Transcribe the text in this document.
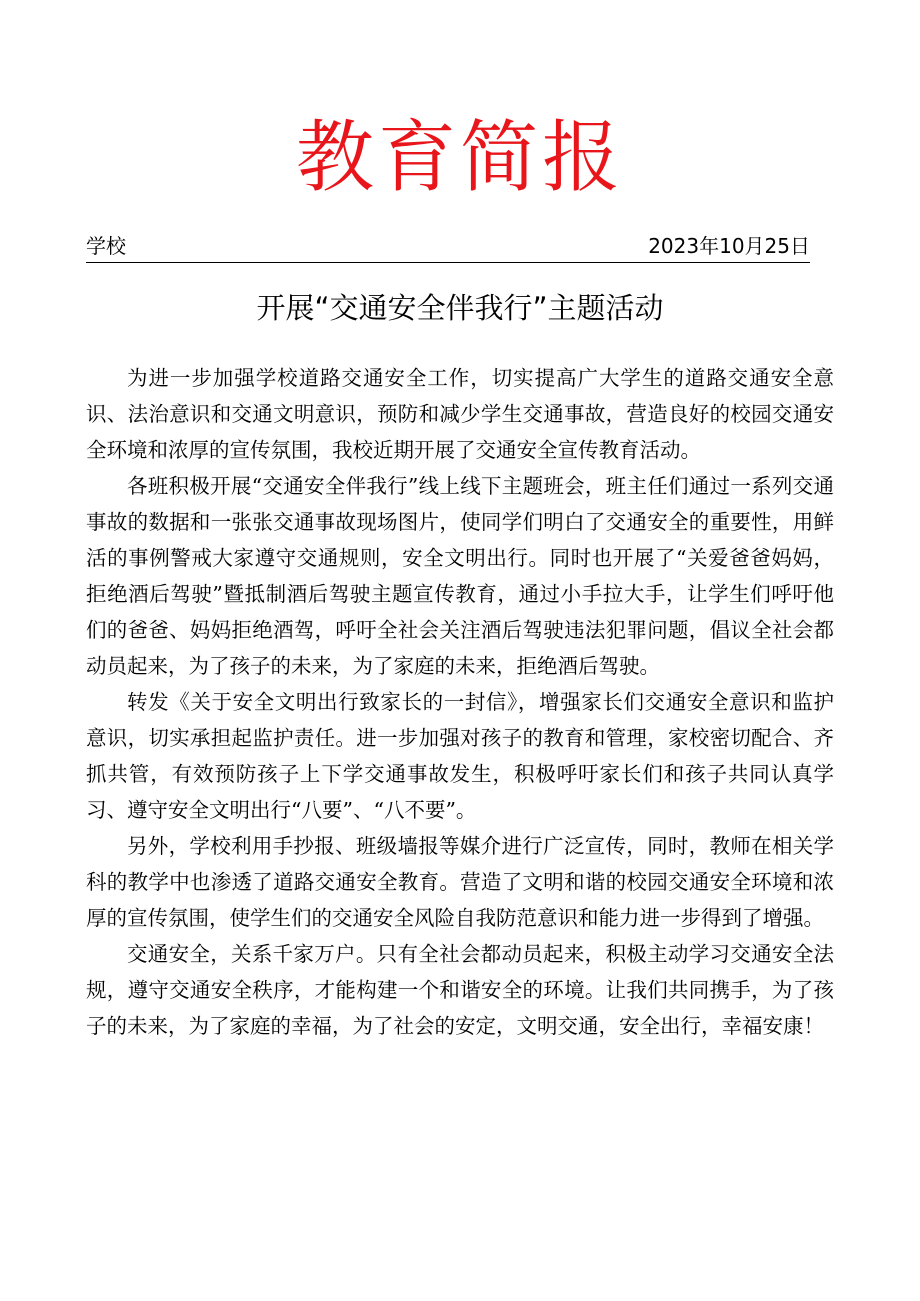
教育简报
学校	2023年10月25日
开展“交通安全伴我行”主题活动

为进一步加强学校道路交通安全工作，切实提高广大学生的道路交通安全意识、法治意识和交通文明意识，预防和减少学生交通事故，营造良好的校园交通安全环境和浓厚的宣传氛围，我校近期开展了交通安全宣传教育活动。

各班积极开展“交通安全伴我行”线上线下主题班会，班主任们通过一系列交通事故的数据和一张张交通事故现场图片，使同学们明白了交通安全的重要性，用鲜活的事例警戒大家遵守交通规则，安全文明出行。同时也开展了“关爱爸爸妈妈，拒绝酒后驾驶”暨抵制酒后驾驶主题宣传教育，通过小手拉大手，让学生们呼吁他们的爸爸、妈妈拒绝酒驾，呼吁全社会关注酒后驾驶违法犯罪问题，倡议全社会都动员起来，为了孩子的未来，为了家庭的未来，拒绝酒后驾驶。

转发《关于安全文明出行致家长的一封信》，增强家长们交通安全意识和监护意识，切实承担起监护责任。进一步加强对孩子的教育和管理，家校密切配合、齐抓共管，有效预防孩子上下学交通事故发生，积极呼吁家长们和孩子共同认真学习、遵守安全文明出行“八要”、“八不要”。

另外，学校利用手抄报、班级墙报等媒介进行广泛宣传，同时，教师在相关学科的教学中也渗透了道路交通安全教育。营造了文明和谐的校园交通安全环境和浓厚的宣传氛围，使学生们的交通安全风险自我防范意识和能力进一步得到了增强。

交通安全，关系千家万户。只有全社会都动员起来，积极主动学习交通安全法规，遵守交通安全秩序，才能构建一个和谐安全的环境。让我们共同携手，为了孩子的未来，为了家庭的幸福，为了社会的安定，文明交通，安全出行，幸福安康！
